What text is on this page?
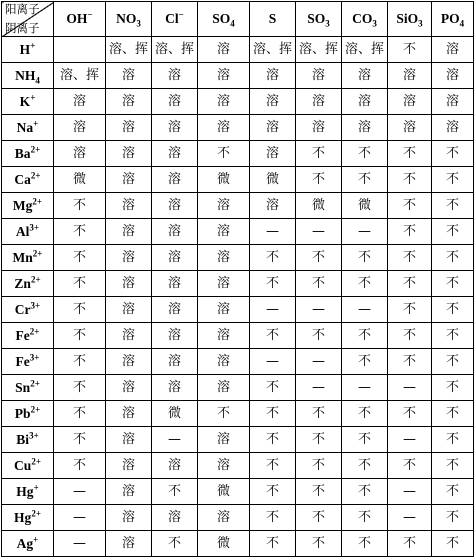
阳离子
阴离子	OH−	$NO_3$	Cl−	$SO_4$	S	$SO_3$	$CO_3$	SiO$_3$	$PO_4$
H+		溶、挥	溶、挥	溶	溶、挥	溶、挥	溶、挥	不	溶
$NH_4$	溶、挥	溶	溶	溶	溶	溶	溶	溶	溶
K+	溶	溶	溶	溶	溶	溶	溶	溶	溶
Na+	溶	溶	溶	溶	溶	溶	溶	溶	溶
$Ba^{2+}$	溶	溶	溶	不	溶	不	不	不	不
$Ca^{2+}$	微	溶	溶	微	微	不	不	不	不
$Mg^{2+}$	不	溶	溶	溶	溶	微	微	不	不
$Al^{3+}$	不	溶	溶	溶	—	—	—	不	不
$Mn^{2+}$	不	溶	溶	溶	不	不	不	不	不
$Zn^{2+}$	不	溶	溶	溶	不	不	不	不	不
$Cr^{3+}$	不	溶	溶	溶	—	—	—	不	不
$Fe^{2+}$	不	溶	溶	溶	不	不	不	不	不
$Fe^{3+}$	不	溶	溶	溶	—	—	不	不	不
$Sn^{2+}$	不	溶	溶	溶	不	—	—	—	不
$Pb^{2+}$	不	溶	微	不	不	不	不	不	不
$Bi^{3+}$	不	溶	—	溶	不	不	不	—	不
$Cu^{2+}$	不	溶	溶	溶	不	不	不	不	不
Hg+	—	溶	不	微	不	不	不	—	不
$Hg^{2+}$	—	溶	溶	溶	不	不	不	—	不
Ag+	—	溶	不	微	不	不	不	不	不
